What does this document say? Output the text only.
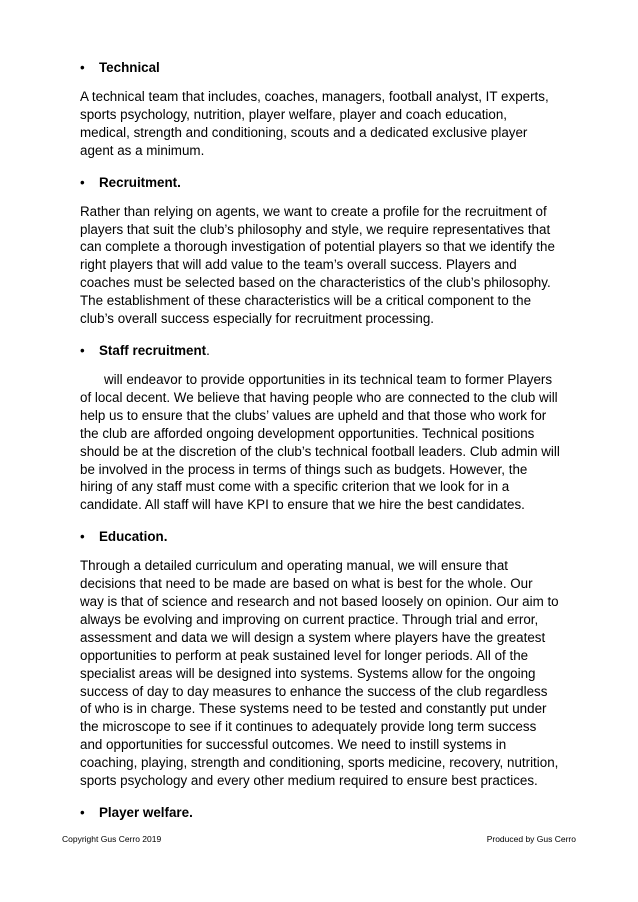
• Technical

A technical team that includes, coaches, managers, football analyst, IT experts, sports psychology, nutrition, player welfare, player and coach education, medical, strength and conditioning, scouts and a dedicated exclusive player agent as a minimum.

• Recruitment.

Rather than relying on agents, we want to create a profile for the recruitment of players that suit the club’s philosophy and style, we require representatives that can complete a thorough investigation of potential players so that we identify the right players that will add value to the team’s overall success. Players and coaches must be selected based on the characteristics of the club’s philosophy. The establishment of these characteristics will be a critical component to the club’s overall success especially for recruitment processing.

• Staff recruitment.

will endeavor to provide opportunities in its technical team to former Players of local decent. We believe that having people who are connected to the club will help us to ensure that the clubs’ values are upheld and that those who work for the club are afforded ongoing development opportunities. Technical positions should be at the discretion of the club’s technical football leaders. Club admin will be involved in the process in terms of things such as budgets. However, the hiring of any staff must come with a specific criterion that we look for in a candidate. All staff will have KPI to ensure that we hire the best candidates.

• Education.

Through a detailed curriculum and operating manual, we will ensure that decisions that need to be made are based on what is best for the whole. Our way is that of science and research and not based loosely on opinion. Our aim to always be evolving and improving on current practice. Through trial and error, assessment and data we will design a system where players have the greatest opportunities to perform at peak sustained level for longer periods. All of the specialist areas will be designed into systems. Systems allow for the ongoing success of day to day measures to enhance the success of the club regardless of who is in charge. These systems need to be tested and constantly put under the microscope to see if it continues to adequately provide long term success and opportunities for successful outcomes. We need to instill systems in coaching, playing, strength and conditioning, sports medicine, recovery, nutrition, sports psychology and every other medium required to ensure best practices.

• Player welfare.
Copyright Gus Cerro 2019	Produced by Gus Cerro
